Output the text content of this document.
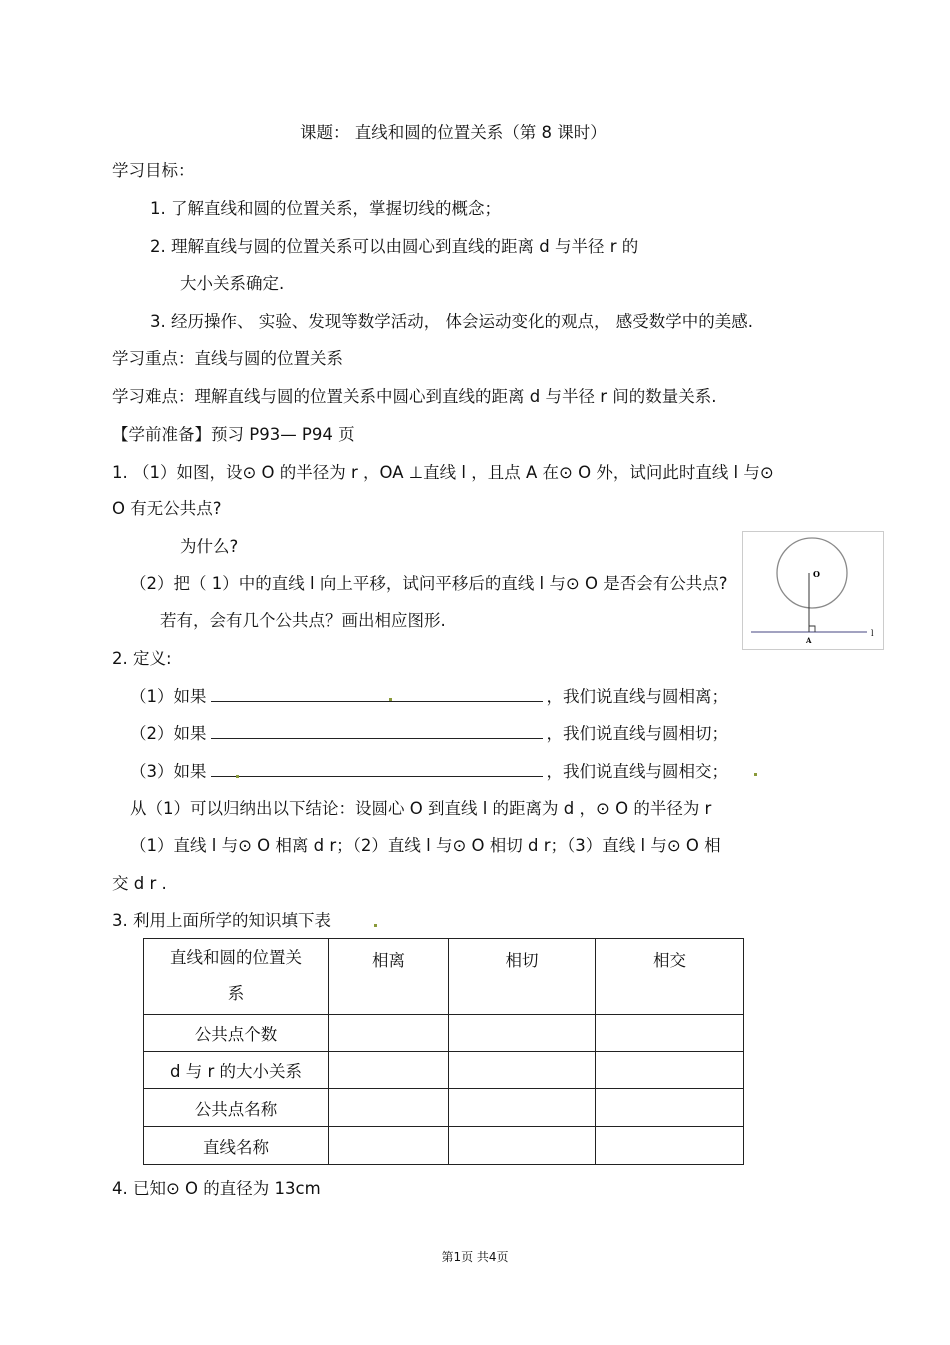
课题： 直线和圆的位置关系（第 8 课时）
学习目标：
1. 了解直线和圆的位置关系，掌握切线的概念；
2. 理解直线与圆的位置关系可以由圆心到直线的距离 d 与半径 r 的
大小关系确定.
3. 经历操作、 实验、发现等数学活动， 体会运动变化的观点， 感受数学中的美感.
学习重点：直线与圆的位置关系
学习难点：理解直线与圆的位置关系中圆心到直线的距离 d 与半径 r 间的数量关系.
【学前准备】预习 P93— P94 页
1. （1）如图，设⊙ O 的半径为 r ，OA ⊥直线 l ，且点 A 在⊙ O 外，试问此时直线 l 与⊙
O 有无公共点?
为什么?
（2）把（ 1）中的直线 l 向上平移，试问平移后的直线 l 与⊙ O 是否会有公共点?
若有，会有几个公共点？画出相应图形.
O
A
l
2. 定义:
（1）如果	，我们说直线与圆相离；
（2）如果	，我们说直线与圆相切；
（3）如果	，我们说直线与圆相交；
从（1）可以归纳出以下结论：设圆心 O 到直线 l 的距离为 d ，⊙ O 的半径为 r
（1）直线 l 与⊙ O 相离 d r；（2）直线 l 与⊙ O 相切 d r；（3）直线 l 与⊙ O 相
交 d r .
3. 利用上面所学的知识填下表
直线和圆的位置关
系	相离	相切	相交
公共点个数			
d 与 r 的大小关系			
公共点名称			
直线名称			
4. 已知⊙ O 的直径为 13cm
第1页 共4页
